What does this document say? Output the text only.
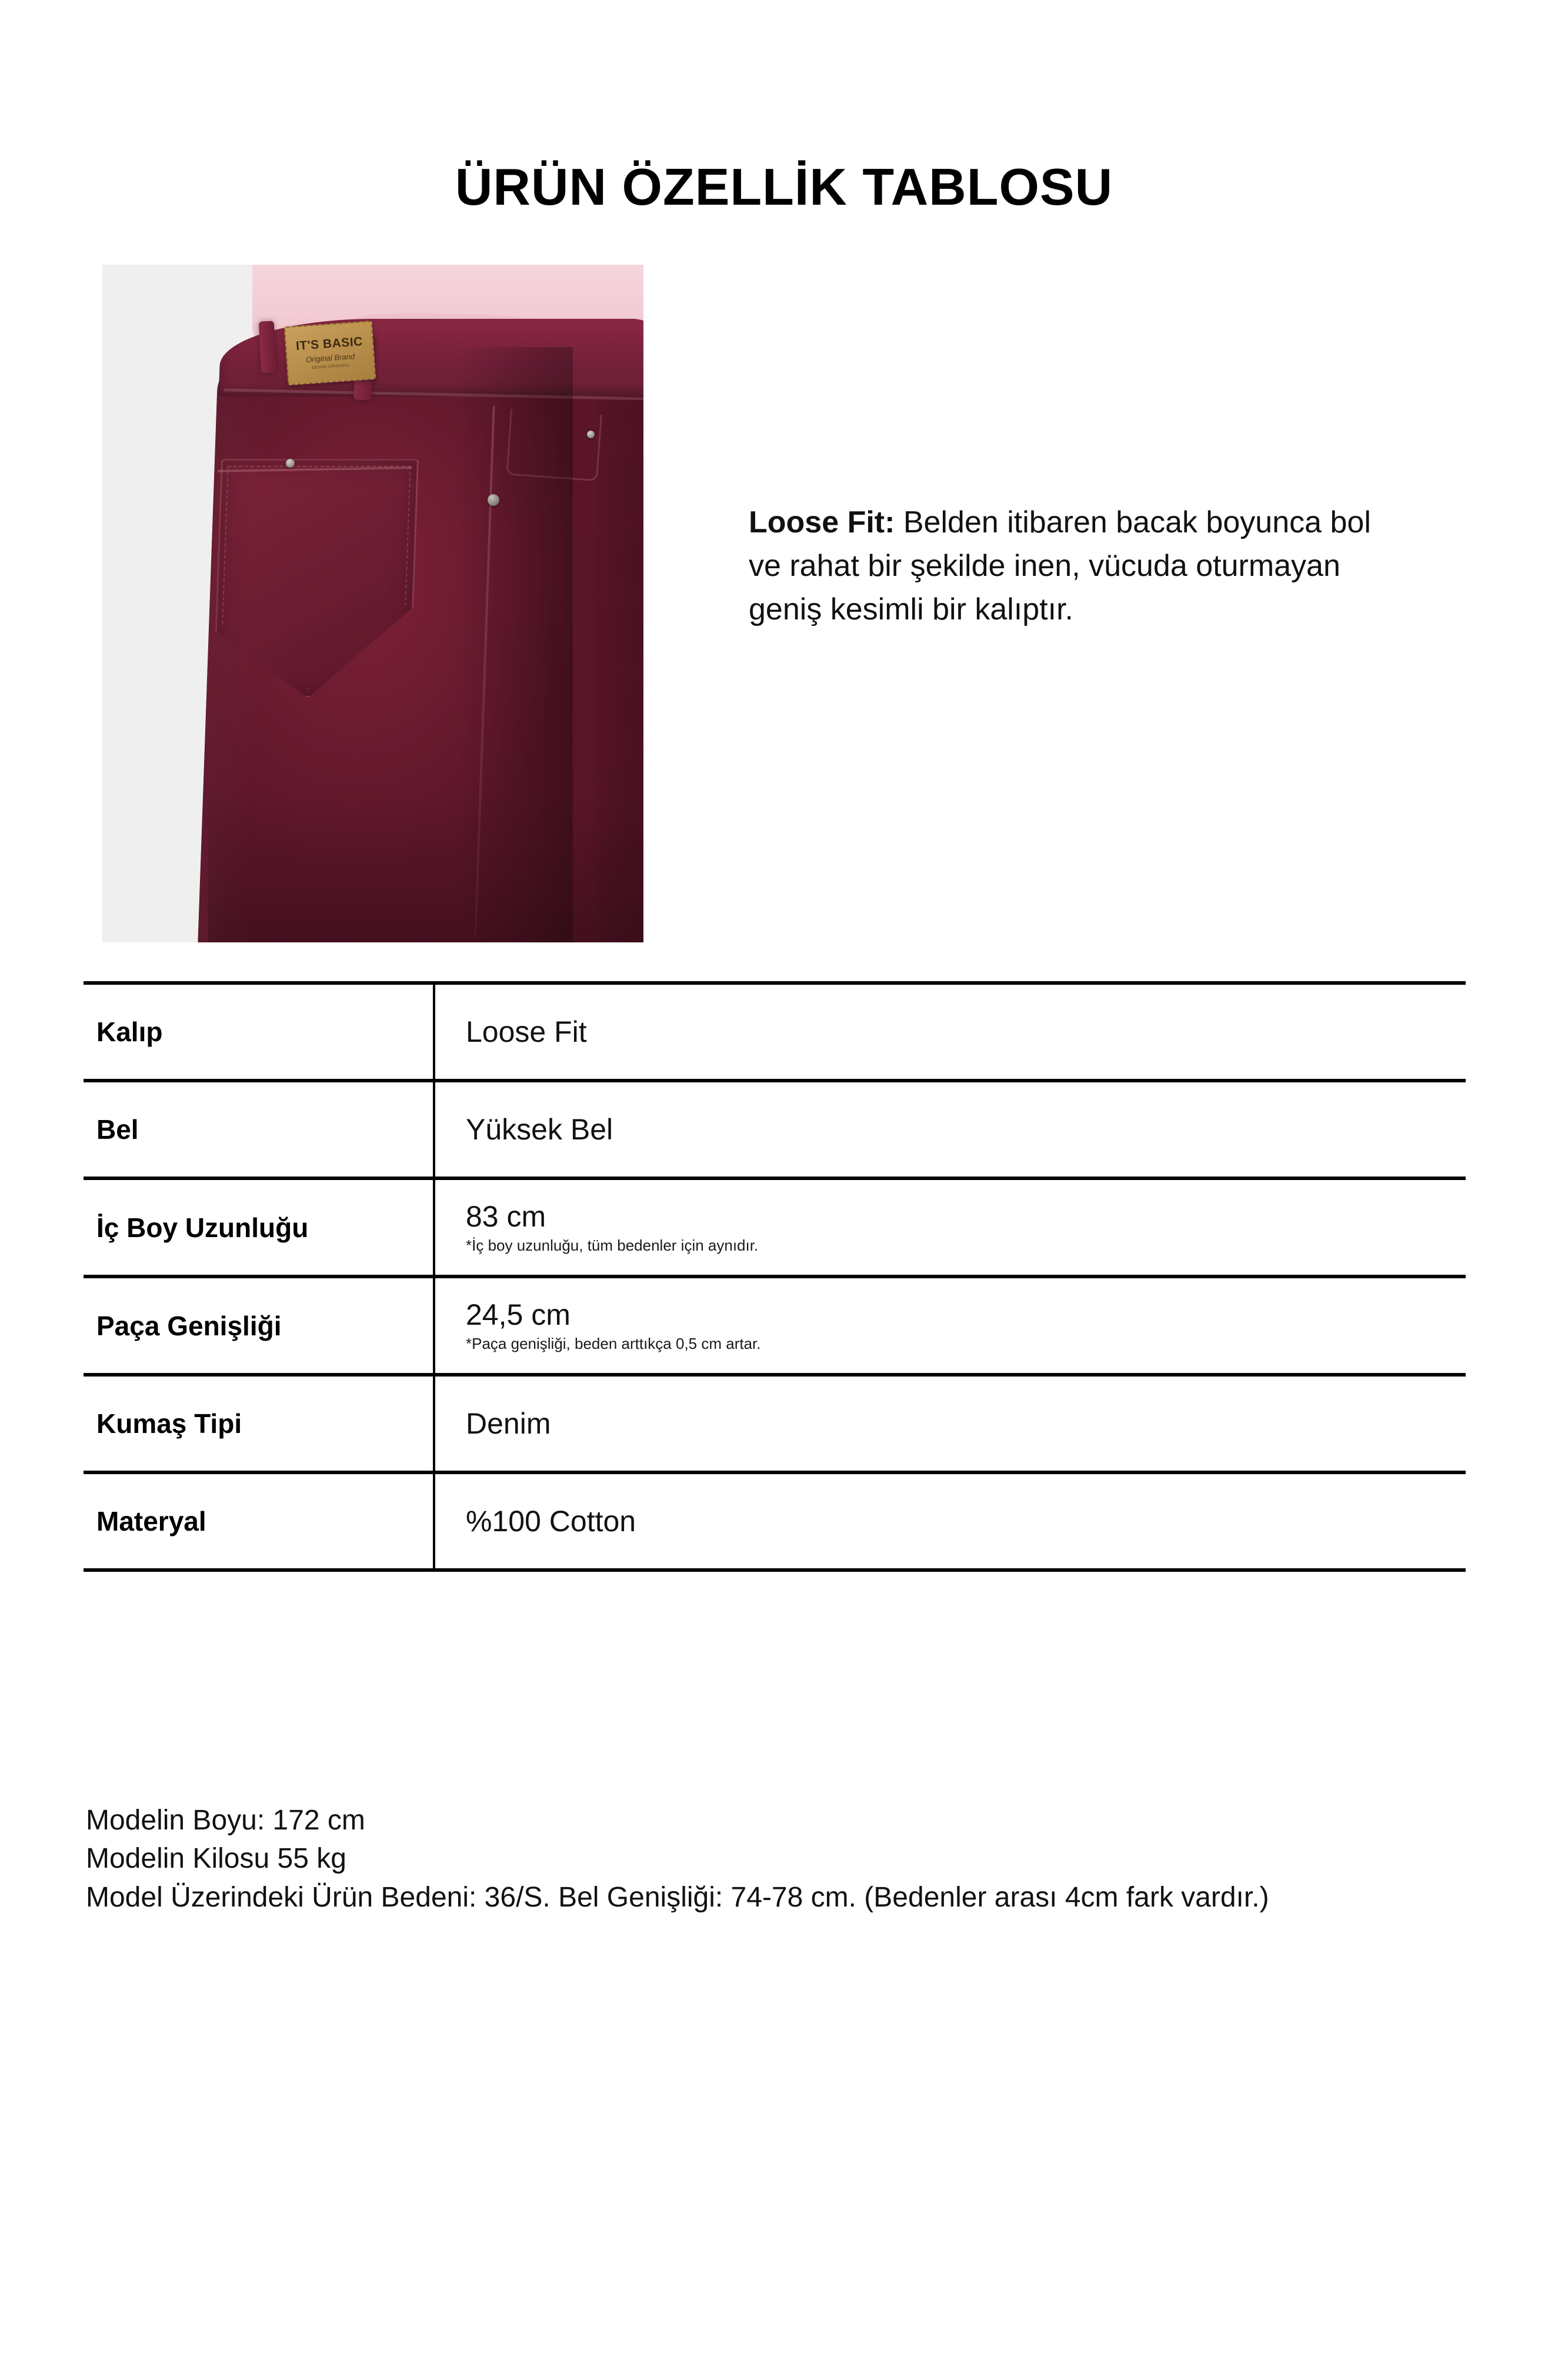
ÜRÜN ÖZELLİK TABLOSU
IT'S BASIC
Original Brand
DENIM ORIGINAL
Loose Fit: Belden itibaren bacak boyunca bol ve rahat bir şekilde inen, vücuda oturmayan geniş kesimli bir kalıptır.
Kalıp	Loose Fit

Bel	Yüksek Bel

İç Boy Uzunluğu	83 cm
*İç boy uzunluğu, tüm bedenler için aynıdır.

Paça Genişliği	24,5 cm
*Paça genişliği, beden arttıkça 0,5 cm artar.

Kumaş Tipi	Denim

Materyal	%100 Cotton

Modelin Boyu: 172 cm

Modelin Kilosu 55 kg

Model Üzerindeki Ürün Bedeni: 36/S. Bel Genişliği: 74-78 cm. (Bedenler arası 4cm fark vardır.)
